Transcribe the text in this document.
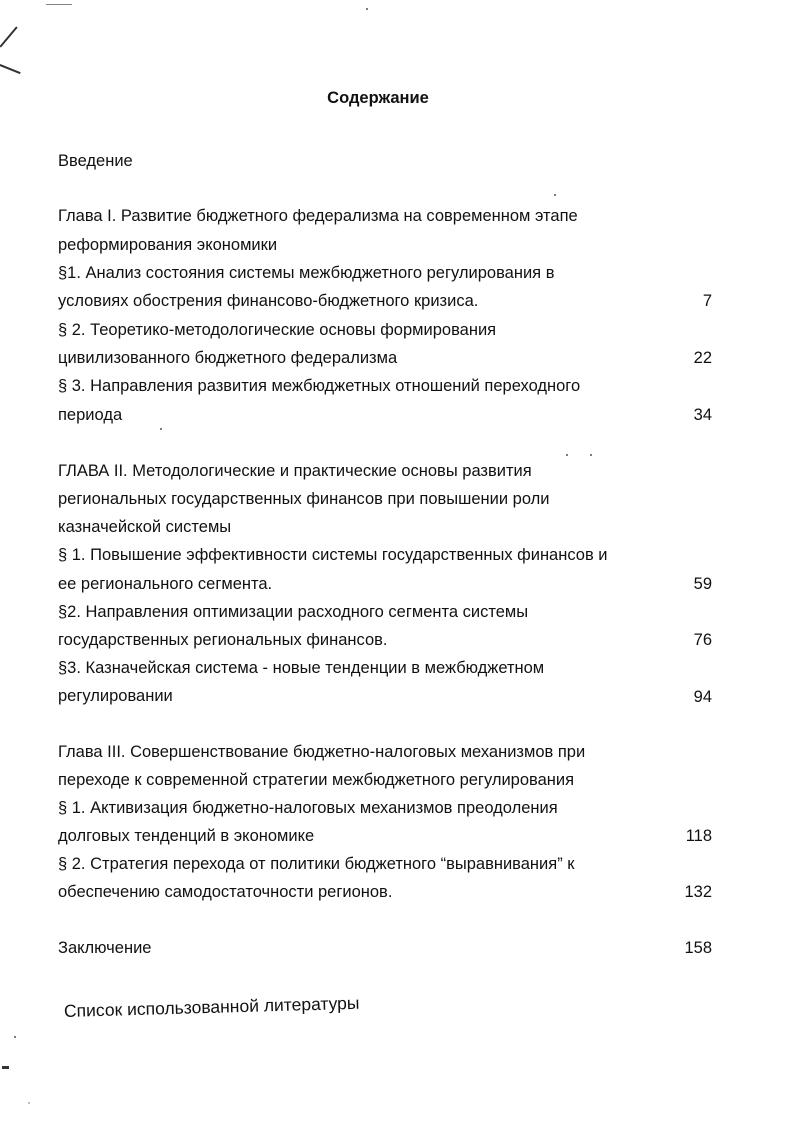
Содержание
Введение
Глава I. Развитие бюджетного федерализма на современном этапе
реформирования экономики
§1. Анализ состояния системы межбюджетного регулирования в
условиях обострения финансово-бюджетного кризиса.	7
§ 2. Теоретико-методологические основы формирования
цивилизованного бюджетного федерализма	22
§ 3. Направления развития межбюджетных отношений переходного
периода	34
ГЛАВА II. Методологические и практические основы развития
региональных государственных финансов при повышении роли
казначейской системы
§ 1. Повышение эффективности системы государственных финансов и
ее регионального сегмента.	59
§2. Направления оптимизации расходного сегмента системы
государственных региональных финансов.	76
§3. Казначейская система - новые тенденции в межбюджетном
регулировании	94
Глава III. Совершенствование бюджетно-налоговых механизмов при
переходе к современной стратегии межбюджетного регулирования
§ 1. Активизация бюджетно-налоговых механизмов преодоления
долговых тенденций в экономике	118
§ 2. Стратегия перехода от политики бюджетного “выравнивания” к
обеспечению самодостаточности регионов.	132
Заключение	158
Список использованной литературы
